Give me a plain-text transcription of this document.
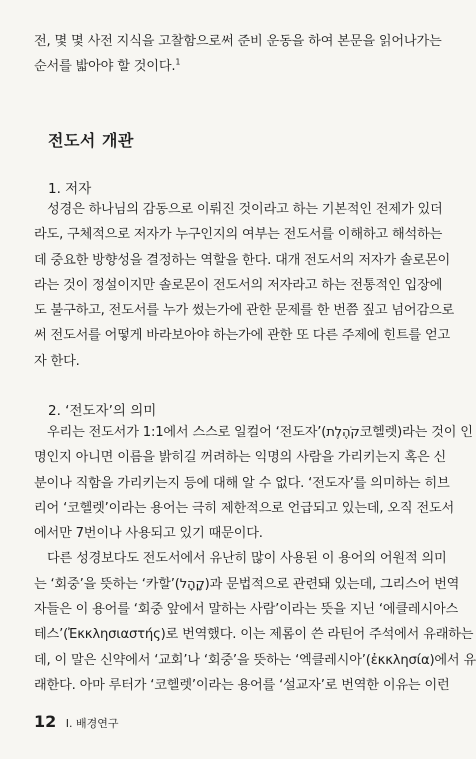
전, 몇 몇 사전 지식을 고찰함으로써 준비 운동을 하여 본문을 읽어나가는
순서를 밟아야 할 것이다.$^1$
전도서 개관
1. 저자
성경은 하나님의 감동으로 이뤄진 것이라고 하는 기본적인 전제가 있더
라도, 구체적으로 저자가 누구인지의 여부는 전도서를 이해하고 해석하는
데 중요한 방향성을 결정하는 역할을 한다. 대개 전도서의 저자가 솔로몬이
라는 것이 정설이지만 솔로몬이 전도서의 저자라고 하는 전통적인 입장에
도 불구하고, 전도서를 누가 썼는가에 관한 문제를 한 번쯤 짚고 넘어감으로
써 전도서를 어떻게 바라보아야 하는가에 관한 또 다른 주제에 힌트를 얻고
자 한다.
2. ‘전도자’의 의미
우리는 전도서가 1:1에서 스스로 일컬어 ‘전도자’(קֹהֶלֶת코헬렛)라는 것이 인
명인지 아니면 이름을 밝히길 꺼려하는 익명의 사람을 가리키는지 혹은 신
분이나 직함을 가리키는지 등에 대해 알 수 없다. ‘전도자’를 의미하는 히브
리어 ‘코헬렛’이라는 용어는 극히 제한적으로 언급되고 있는데, 오직 전도서
에서만 7번이나 사용되고 있기 때문이다.
다른 성경보다도 전도서에서 유난히 많이 사용된 이 용어의 어원적 의미
는 ‘회중’을 뜻하는 ‘카할’(קָהָל)과 문법적으로 관련돼 있는데, 그리스어 번역
자들은 이 용어를 ‘회중 앞에서 말하는 사람’이라는 뜻을 지닌 ‘에클레시아스
테스’(Ἐκκλησιαστής)로 번역했다. 이는 제롬이 쓴 라틴어 주석에서 유래하는
데, 이 말은 신약에서 ‘교회’나 ‘회중’을 뜻하는 ‘엑클레시아’(ἐκκλησία)에서 유
래한다. 아마 루터가 ‘코헬렛’이라는 용어를 ‘설교자’로 번역한 이유는 이런
12 I. 배경연구
